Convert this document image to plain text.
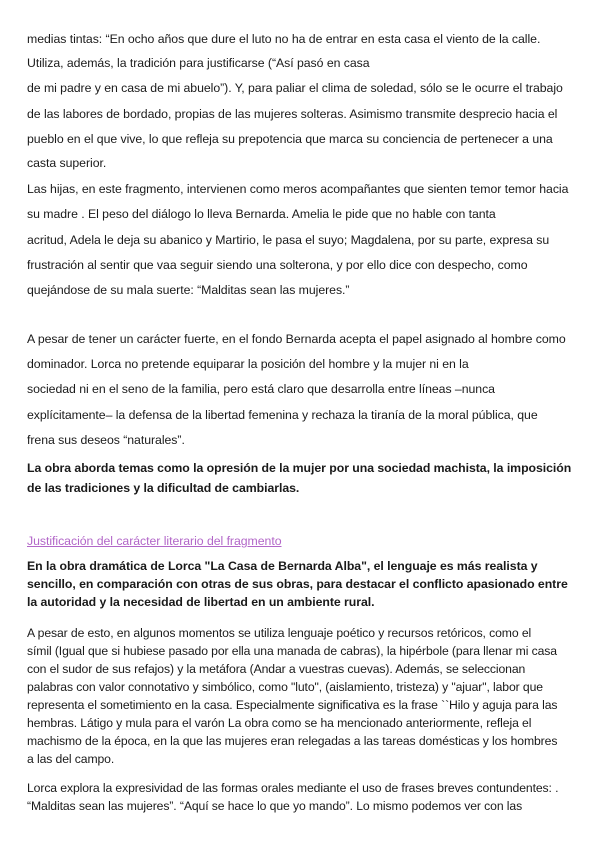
medias tintas: “En ocho años que dure el luto no ha de entrar en esta casa el viento de la calle.
Utiliza, además, la tradición para justificarse (“Así pasó en casa
de mi padre y en casa de mi abuelo”). Y, para paliar el clima de soledad, sólo se le ocurre el trabajo
de las labores de bordado, propias de las mujeres solteras. Asimismo transmite desprecio hacia el
pueblo en el que vive, lo que refleja su prepotencia que marca su conciencia de pertenecer a una
casta superior.
Las hijas, en este fragmento, intervienen como meros acompañantes que sienten temor temor hacia
su madre . El peso del diálogo lo lleva Bernarda. Amelia le pide que no hable con tanta
acritud, Adela le deja su abanico y Martirio, le pasa el suyo; Magdalena, por su parte, expresa su
frustración al sentir que vaa seguir siendo una solterona, y por ello dice con despecho, como
quejándose de su mala suerte: “Malditas sean las mujeres.”
A pesar de tener un carácter fuerte, en el fondo Bernarda acepta el papel asignado al hombre como
dominador. Lorca no pretende equiparar la posición del hombre y la mujer ni en la
sociedad ni en el seno de la familia, pero está claro que desarrolla entre líneas –nunca
explícitamente– la defensa de la libertad femenina y rechaza la tiranía de la moral pública, que
frena sus deseos “naturales”.
La obra aborda temas como la opresión de la mujer por una sociedad machista, la imposición
de las tradiciones y la dificultad de cambiarlas.
Justificación del carácter literario del fragmento
En la obra dramática de Lorca "La Casa de Bernarda Alba", el lenguaje es más realista y
sencillo, en comparación con otras de sus obras, para destacar el conflicto apasionado entre
la autoridad y la necesidad de libertad en un ambiente rural.
A pesar de esto, en algunos momentos se utiliza lenguaje poético y recursos retóricos, como el
símil (Igual que si hubiese pasado por ella una manada de cabras), la hipérbole (para llenar mi casa
con el sudor de sus refajos) y la metáfora (Andar a vuestras cuevas). Además, se seleccionan
palabras con valor connotativo y simbólico, como "luto", (aislamiento, tristeza) y "ajuar", labor que
representa el sometimiento en la casa. Especialmente significativa es la frase ``Hilo y aguja para las
hembras. Látigo y mula para el varón La obra como se ha mencionado anteriormente, refleja el
machismo de la época, en la que las mujeres eran relegadas a las tareas domésticas y los hombres
a las del campo.
Lorca explora la expresividad de las formas orales mediante el uso de frases breves contundentes: .
“Malditas sean las mujeres”. “Aquí se hace lo que yo mando”. Lo mismo podemos ver con las
